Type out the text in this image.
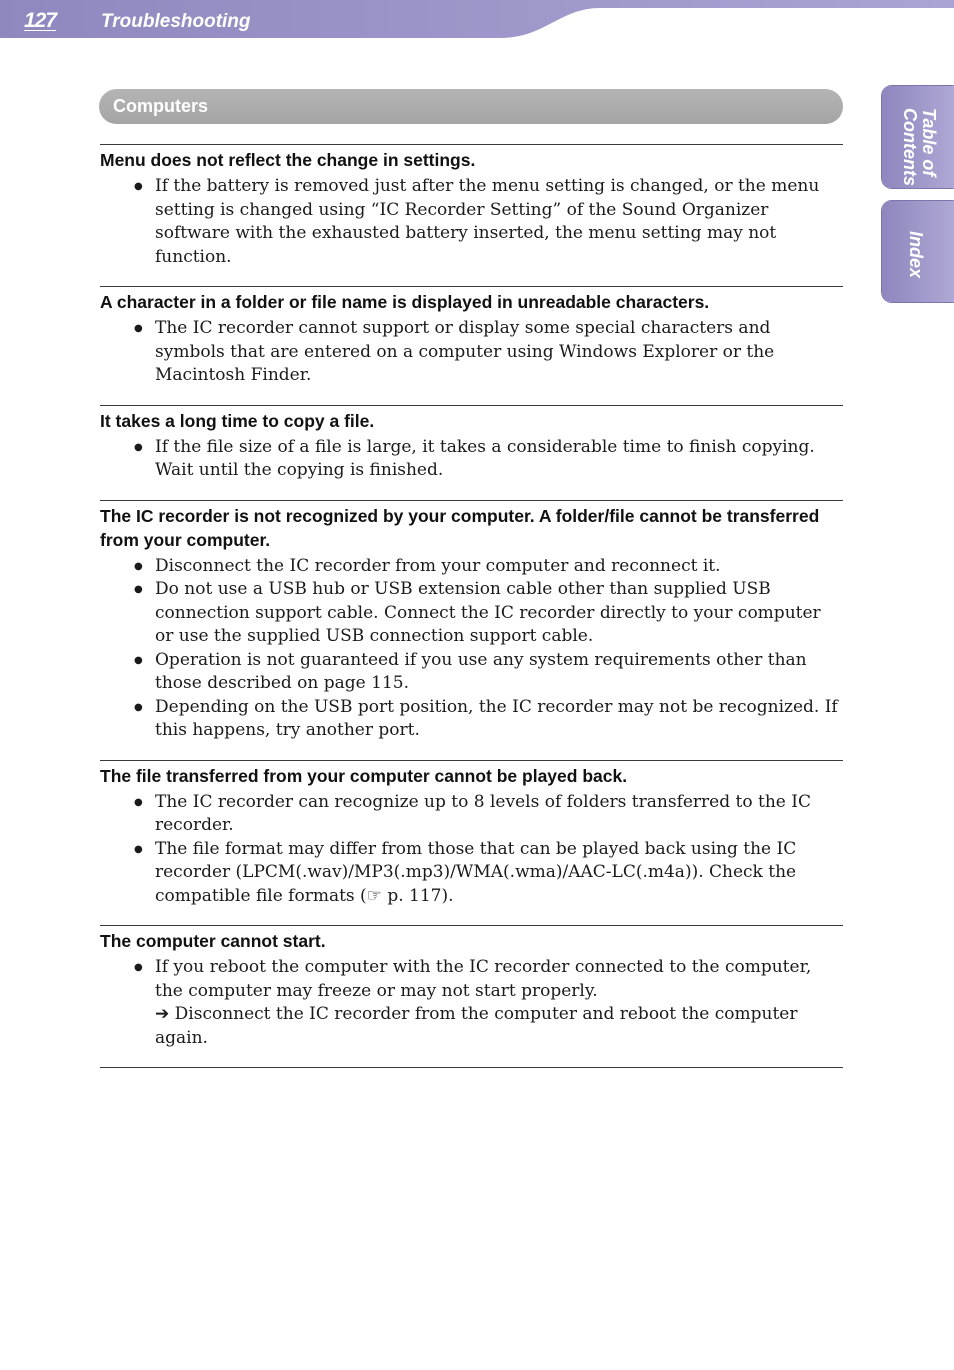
127 Troubleshooting
Computers
Table of
Contents
Index
Menu does not reflect the change in settings.
● If the battery is removed just after the menu setting is changed, or the menu setting is changed using “IC Recorder Setting” of the Sound Organizer software with the exhausted battery inserted, the menu setting may not function.
A character in a folder or file name is displayed in unreadable characters.
● The IC recorder cannot support or display some special characters and symbols that are entered on a computer using Windows Explorer or the Macintosh Finder.
It takes a long time to copy a file.
● If the file size of a file is large, it takes a considerable time to finish copying. Wait until the copying is finished.
The IC recorder is not recognized by your computer. A folder/file cannot be transferred from your computer.
● Disconnect the IC recorder from your computer and reconnect it.
● Do not use a USB hub or USB extension cable other than supplied USB connection support cable. Connect the IC recorder directly to your computer or use the supplied USB connection support cable.
● Operation is not guaranteed if you use any system requirements other than those described on page 115.
● Depending on the USB port position, the IC recorder may not be recognized. If this happens, try another port.
The file transferred from your computer cannot be played back.
● The IC recorder can recognize up to 8 levels of folders transferred to the IC recorder.
● The file format may differ from those that can be played back using the IC recorder (LPCM(.wav)/MP3(.mp3)/WMA(.wma)/AAC-LC(.m4a)). Check the compatible file formats (☞ p. 117).
The computer cannot start.
● If you reboot the computer with the IC recorder connected to the computer, the computer may freeze or may not start properly.
➔ Disconnect the IC recorder from the computer and reboot the computer again.
